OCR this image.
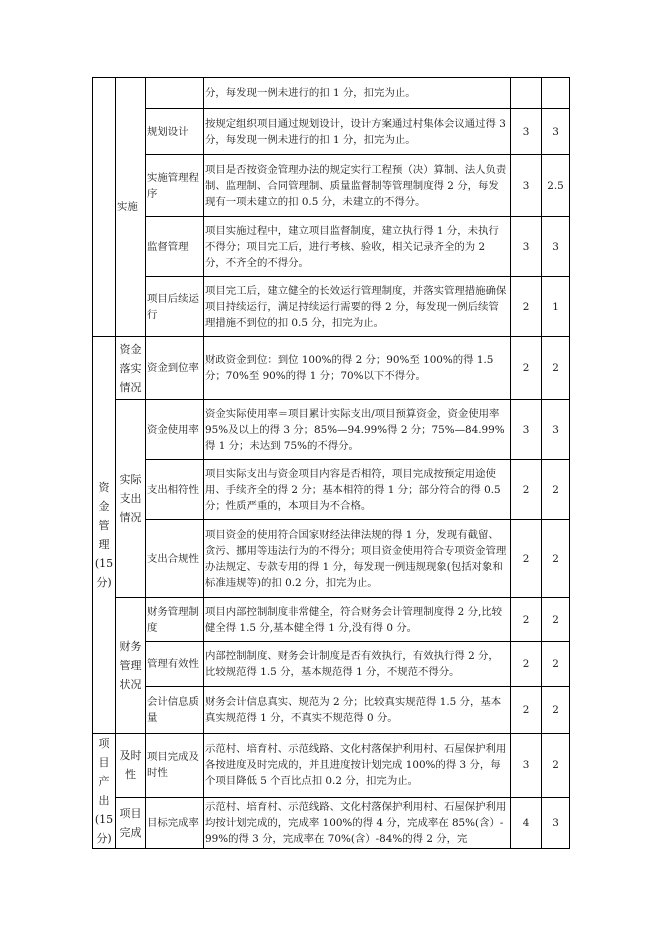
	实施		分，每发现一例未进行的扣 1 分，扣完为止。		
		规划设计	按规定组织项目通过规划设计，设计方案通过村集体会议通过得 3 分，每发现一例未进行的扣 1 分，扣完为止。	3	3
		实施管理程序	项目是否按资金管理办法的规定实行工程预（决）算制、法人负责制、监理制、合同管理制、质量监督制等管理制度得 2 分，每发现有一项未建立的扣 0.5 分，未建立的不得分。	3	2.5
		监督管理	项目实施过程中，建立项目监督制度，建立执行得 1 分，未执行不得分；项目完工后，进行考核、验收，相关记录齐全的为 2 分，不齐全的不得分。	3	3
		项目后续运行	项目完工后，建立健全的长效运行管理制度，并落实管理措施确保项目持续运行，满足持续运行需要的得 2 分，每发现一例后续管理措施不到位的扣 0.5 分，扣完为止。	2	1

资
金
管
理
(15
分)

资金
落实
情况
	资金到位率	财政资金到位：到位 100%的得 2 分；90%至 100%的得 1.5 分；70%至 90%的得 1 分；70%以下不得分。	2	2

	实际
支出
情况	资金使用率	资金实际使用率＝项目累计实际支出/项目预算资金，资金使用率 95%及以上的得 3 分；85%—94.99%得 2 分；75%—84.99%得 1 分；未达到 75%的不得分。	3	3
		支出相符性	项目实际支出与资金项目内容是否相符，项目完成按预定用途使用、手续齐全的得 2 分；基本相符的得 1 分；部分符合的得 0.5 分；性质严重的，本项目为不合格。	2	2
		支出合规性	项目资金的使用符合国家财经法律法规的得 1 分，发现有截留、贪污、挪用等违法行为的不得分；项目资金使用符合专项资金管理办法规定、专款专用的得 1 分，每发现一例违规现象(包括对象和标准违规等)的扣 0.2 分，扣完为止。	2	2

	财务
管理
状况	财务管理制度	项目内部控制制度非常健全，符合财务会计管理制度得 2 分,比较健全得 1.5 分,基本健全得 1 分,没有得 0 分。	2	2
		管理有效性	内部控制制度、财务会计制度是否有效执行，有效执行得 2 分，比较规范得 1.5 分，基本规范得 1 分，不规范不得分。	2	2
		会计信息质量	财务会计信息真实、规范为 2 分；比较真实规范得 1.5 分，基本真实规范得 1 分，不真实不规范得 0 分。	2	2

项
目
产
出
(15
分)

及时
性
	项目完成及时性	示范村、培育村、示范线路、文化村落保护利用村、石屋保护利用各按进度及时完成的，并且进度按计划完成 100%的得 3 分，每个项目降低 5 个百比点扣 0.2 分，扣完为止。	3	2

	项目
完成	目标完成率	示范村、培育村、示范线路、文化村落保护利用村、石屋保护利用均按计划完成的，完成率 100%的得 4 分，完成率在 85%(含）-99%的得 3 分，完成率在 70%(含）-84%的得 2 分，完	4	3
